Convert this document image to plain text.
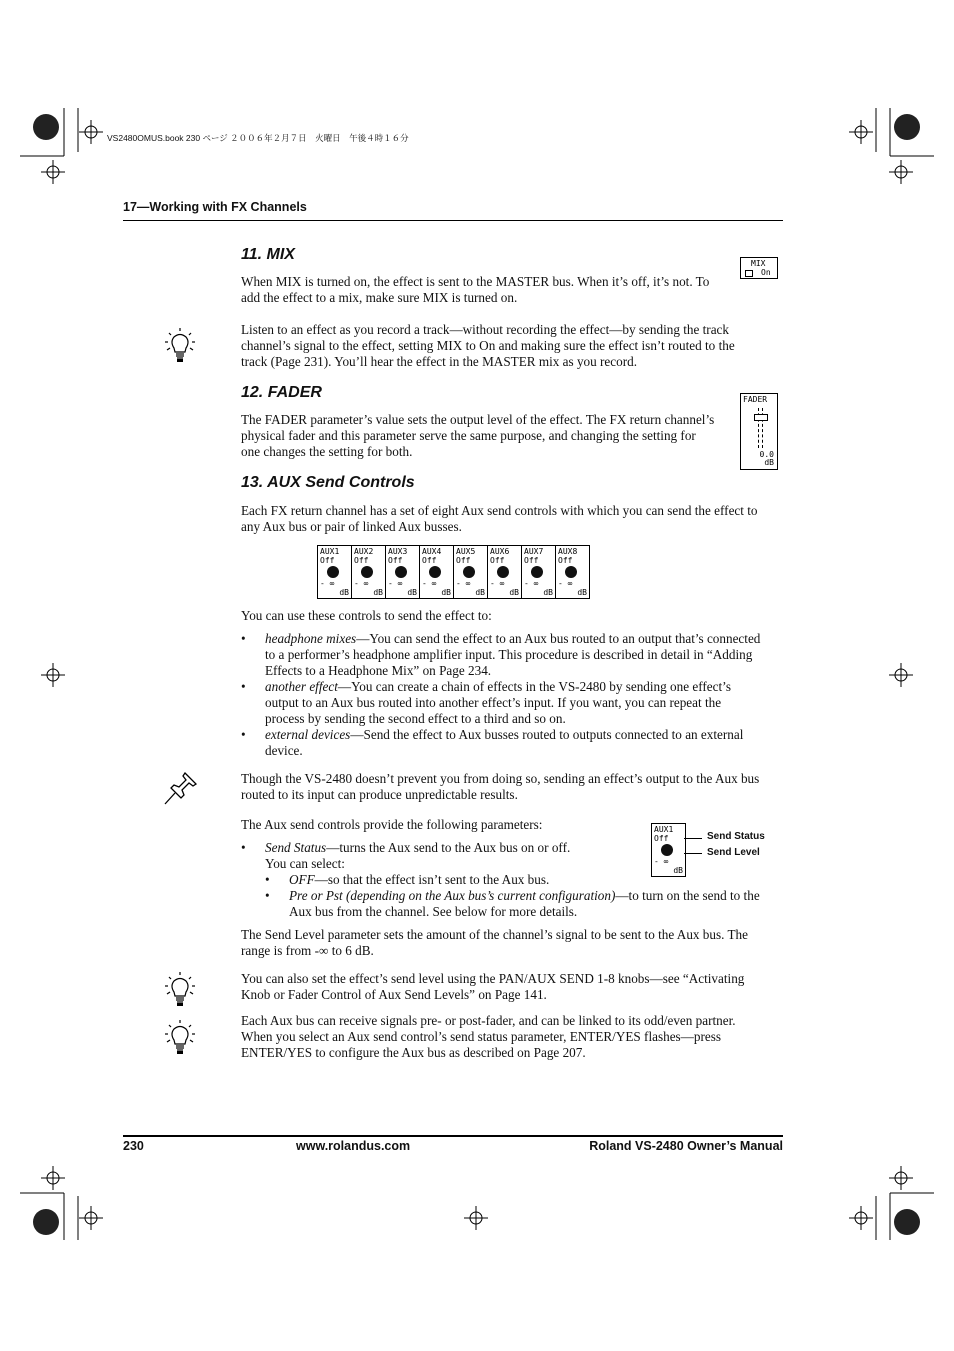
VS2480OMUS.book 230 ページ ２００６年２月７日　火曜日　午後４時１６分
17—Working with FX Channels
11. MIX
MIX
On

When MIX is turned on, the effect is sent to the MASTER bus. When it’s off, it’s not. To add the effect to a mix, make sure MIX is turned on.

Listen to an effect as you record a track—without recording the effect—by sending the track channel’s signal to the effect, setting MIX to On and making sure the effect isn’t routed to the track (Page 231). You’ll hear the effect in the MASTER mix as you record.

12. FADER	FADER
0.0
dB

The FADER parameter’s value sets the output level of the effect. The FX return channel’s physical fader and this parameter serve the same purpose, and changing the setting for one changes the setting for both.

13. AUX Send Controls

Each FX return channel has a set of eight Aux send controls with which you can send the effect to any Aux bus or pair of linked Aux busses.

AUX1
Off
- ∞
dB
AUX2
Off
- ∞
dB
AUX3
Off
- ∞
dB
AUX4
Off
- ∞
dB
AUX5
Off
- ∞
dB
AUX6
Off
- ∞
dB
AUX7
Off
- ∞
dB
AUX8
Off
- ∞
dB

You can use these controls to send the effect to:

• headphone mixes—You can send the effect to an Aux bus routed to an output that’s connected to a performer’s headphone amplifier input. This procedure is described in detail in “Adding Effects to a Headphone Mix” on Page 234.
• another effect—You can create a chain of effects in the VS-2480 by sending one effect’s output to an Aux bus routed into another effect’s input. If you want, you can repeat the process by sending the second effect to a third and so on.
• external devices—Send the effect to Aux busses routed to outputs connected to an external device.

Though the VS-2480 doesn’t prevent you from doing so, sending an effect’s output to the Aux bus routed to its input can produce unpredictable results.

The Aux send controls provide the following parameters:

• Send Status—turns the Aux send to the Aux bus on or off.
You can select:
• OFF—so that the effect isn’t sent to the Aux bus.
• Pre or Pst (depending on the Aux bus’s current configuration)—to turn on the send to the Aux bus from the channel. See below for more details.
AUX1
Off
- ∞
dB
Send Status
Send Level

The Send Level parameter sets the amount of the channel’s signal to be sent to the Aux bus. The range is from -∞ to 6 dB.

You can also set the effect’s send level using the PAN/AUX SEND 1-8 knobs—see “Activating Knob or Fader Control of Aux Send Levels” on Page 141.

Each Aux bus can receive signals pre- or post-fader, and can be linked to its odd/even partner. When you select an Aux send control’s send status parameter, ENTER/YES flashes—press ENTER/YES to configure the Aux bus as described on Page 207.

230	www.rolandus.com	Roland VS-2480 Owner’s Manual
